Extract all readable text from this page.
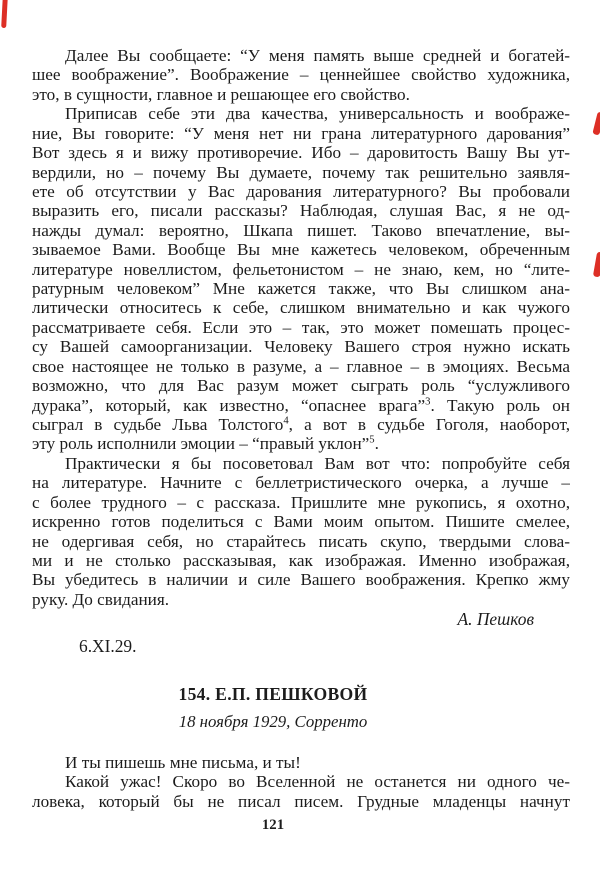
Далее Вы сообщаете: “У меня память выше средней и богатей-
шее воображение”. Воображение – ценнейшее свойство художника,
это, в сущности, главное и решающее его свойство.
Приписав себе эти два качества, универсальность и воображе-
ние, Вы говорите: “У меня нет ни грана литературного дарования”
Вот здесь я и вижу противоречие. Ибо – даровитость Вашу Вы ут-
вердили, но – почему Вы думаете, почему так решительно заявля-
ете об отсутствии у Вас дарования литературного? Вы пробовали
выразить его, писали рассказы? Наблюдая, слушая Вас, я не од-
нажды думал: вероятно, Шкапа пишет. Таково впечатление, вы-
зываемое Вами. Вообще Вы мне кажетесь человеком, обреченным
литературе новеллистом, фельетонистом – не знаю, кем, но “лите-
ратурным человеком” Мне кажется также, что Вы слишком ана-
литически относитесь к себе, слишком внимательно и как чужого
рассматриваете себя. Если это – так, это может помешать процес-
су Вашей самоорганизации. Человеку Вашего строя нужно искать
свое настоящее не только в разуме, а – главное – в эмоциях. Весьма
возможно, что для Вас разум может сыграть роль “услужливого
дурака”, который, как известно, “опаснее врага”$^3$. Такую роль он
сыграл в судьбе Льва Толстого$^4$, а вот в судьбе Гоголя, наоборот,
эту роль исполнили эмоции – “правый уклон”$^5$.
Практически я бы посоветовал Вам вот что: попробуйте себя
на литературе. Начните с беллетристического очерка, а лучше –
с более трудного – с рассказа. Пришлите мне рукопись, я охотно,
искренно готов поделиться с Вами моим опытом. Пишите смелее,
не одергивая себя, но старайтесь писать скупо, твердыми слова-
ми и не столько рассказывая, как изображая. Именно изображая,
Вы убедитесь в наличии и силе Вашего воображения. Крепко жму
руку. До свидания.
А. Пешков
6.XI.29.
154. Е.П. ПЕШКОВОЙ
18 ноября 1929, Сорренто
И ты пишешь мне письма, и ты!
Какой ужас! Скоро во Вселенной не останется ни одного че-
ловека, который бы не писал писем. Грудные младенцы начнут
121
